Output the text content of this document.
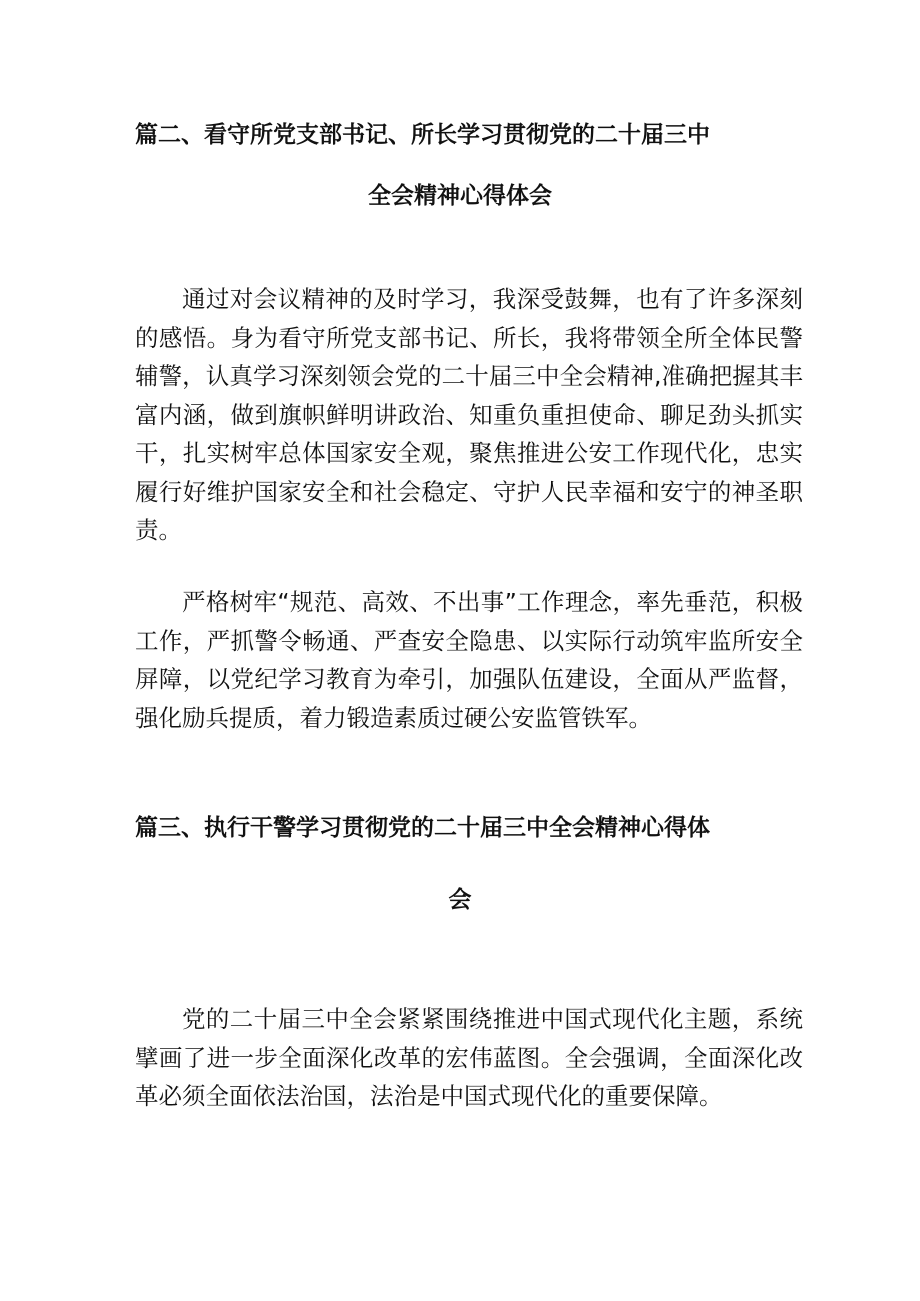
篇二、看守所党支部书记、所长学习贯彻党的二十届三中
全会精神心得体会

通过对会议精神的及时学习，我深受鼓舞，也有了许多深刻的感悟。身为看守所党支部书记、所长，我将带领全所全体民警辅警，认真学习深刻领会党的二十届三中全会精神,准确把握其丰富内涵，做到旗帜鲜明讲政治、知重负重担使命、聊足劲头抓实干，扎实树牢总体国家安全观，聚焦推进公安工作现代化，忠实履行好维护国家安全和社会稳定、守护人民幸福和安宁的神圣职责。

严格树牢“规范、高效、不出事”工作理念，率先垂范，积极工作，严抓警令畅通、严查安全隐患、以实际行动筑牢监所安全屏障，以党纪学习教育为牵引，加强队伍建设，全面从严监督，强化励兵提质，着力锻造素质过硬公安监管铁军。

篇三、执行干警学习贯彻党的二十届三中全会精神心得体
会

党的二十届三中全会紧紧围绕推进中国式现代化主题，系统擘画了进一步全面深化改革的宏伟蓝图。全会强调，全面深化改革必须全面依法治国，法治是中国式现代化的重要保障。
